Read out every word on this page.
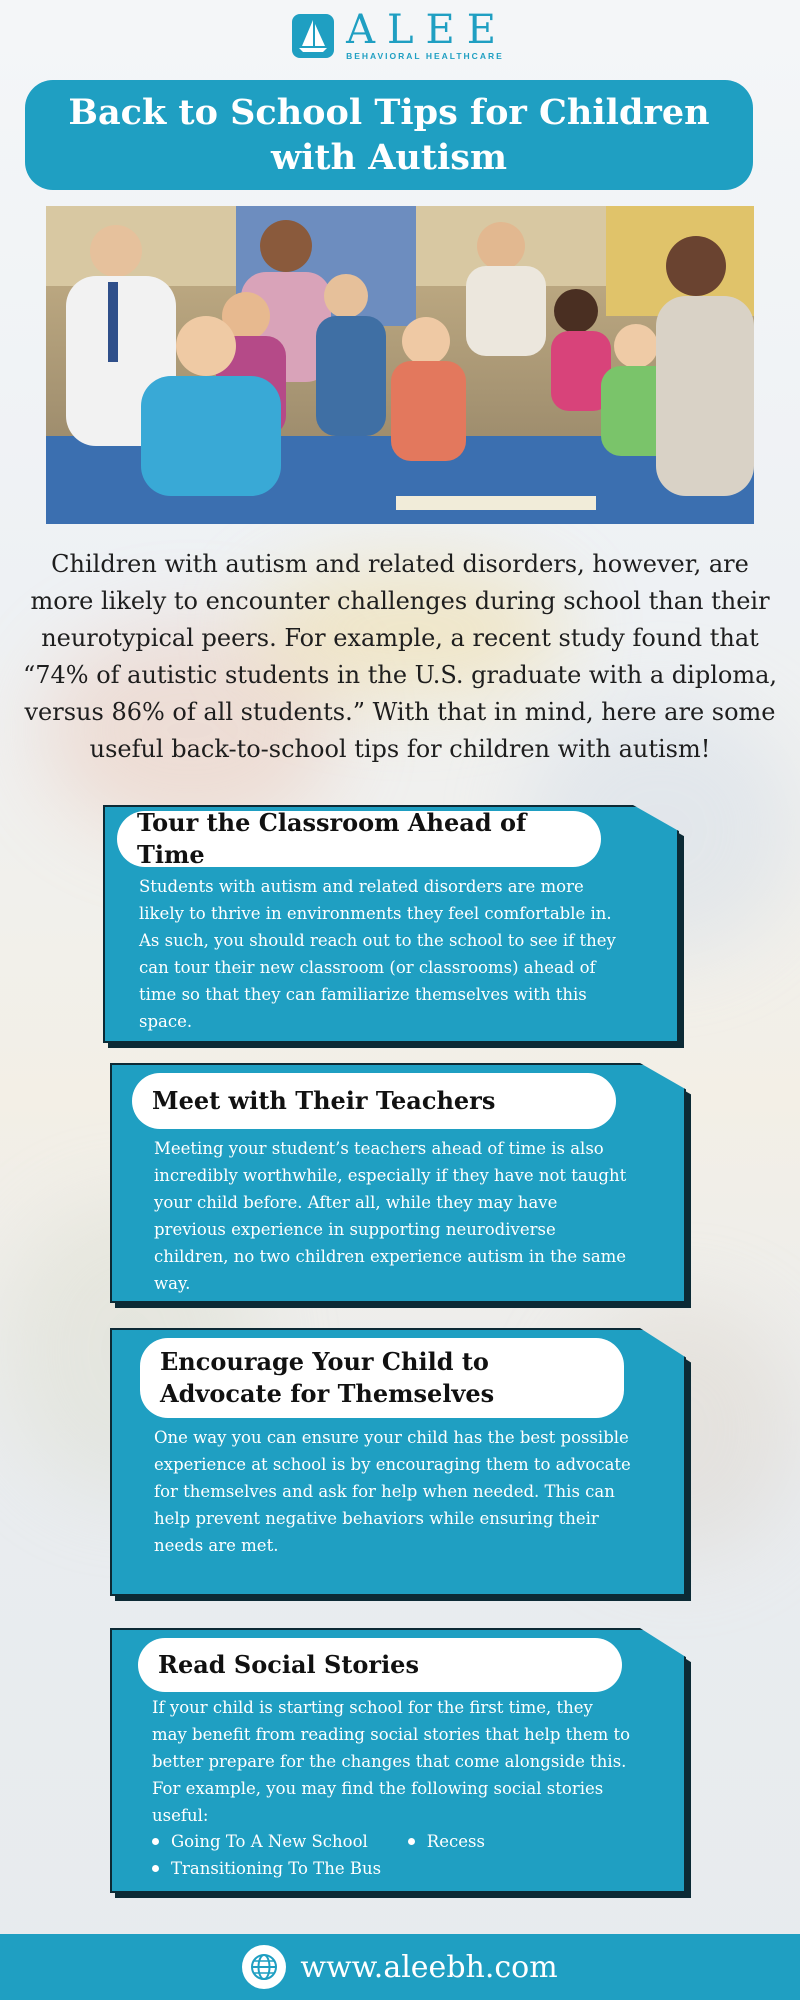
ALEE
BEHAVIORAL HEALTHCARE
Back to School Tips for Children with Autism
Children with autism and related disorders, however, are more likely to encounter challenges during school than their neurotypical peers. For example, a recent study found that “74% of autistic students in the U.S. graduate with a diploma, versus 86% of all students.” With that in mind, here are some useful back-to-school tips for children with autism!
Tour the Classroom Ahead of Time
Students with autism and related disorders are more likely to thrive in environments they feel comfortable in. As such, you should reach out to the school to see if they can tour their new classroom (or classrooms) ahead of time so that they can familiarize themselves with this space.
Meet with Their Teachers
Meeting your student’s teachers ahead of time is also incredibly worthwhile, especially if they have not taught your child before. After all, while they may have previous experience in supporting neurodiverse children, no two children experience autism in the same way.
Encourage Your Child to Advocate for Themselves
One way you can ensure your child has the best possible experience at school is by encouraging them to advocate for themselves and ask for help when needed. This can help prevent negative behaviors while ensuring their needs are met.
Read Social Stories
If your child is starting school for the first time, they may benefit from reading social stories that help them to better prepare for the changes that come alongside this. For example, you may find the following social stories useful:
Going To A New School	Recess
Transitioning To The Bus
www.aleebh.com
